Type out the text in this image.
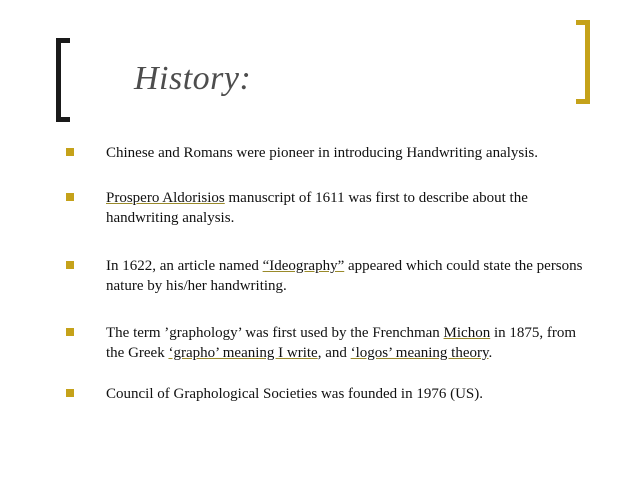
History:
Chinese and Romans were pioneer in introducing Handwriting analysis.
Prospero Aldorisios manuscript of 1611 was first to describe about the handwriting analysis.
In 1622, an article named “Ideography” appeared which could state the persons nature by his/her handwriting.
The term ’graphology’ was first used by the Frenchman Michon in 1875, from the Greek ‘grapho’ meaning I write, and ‘logos’ meaning theory.
Council of Graphological Societies was founded in 1976 (US).
